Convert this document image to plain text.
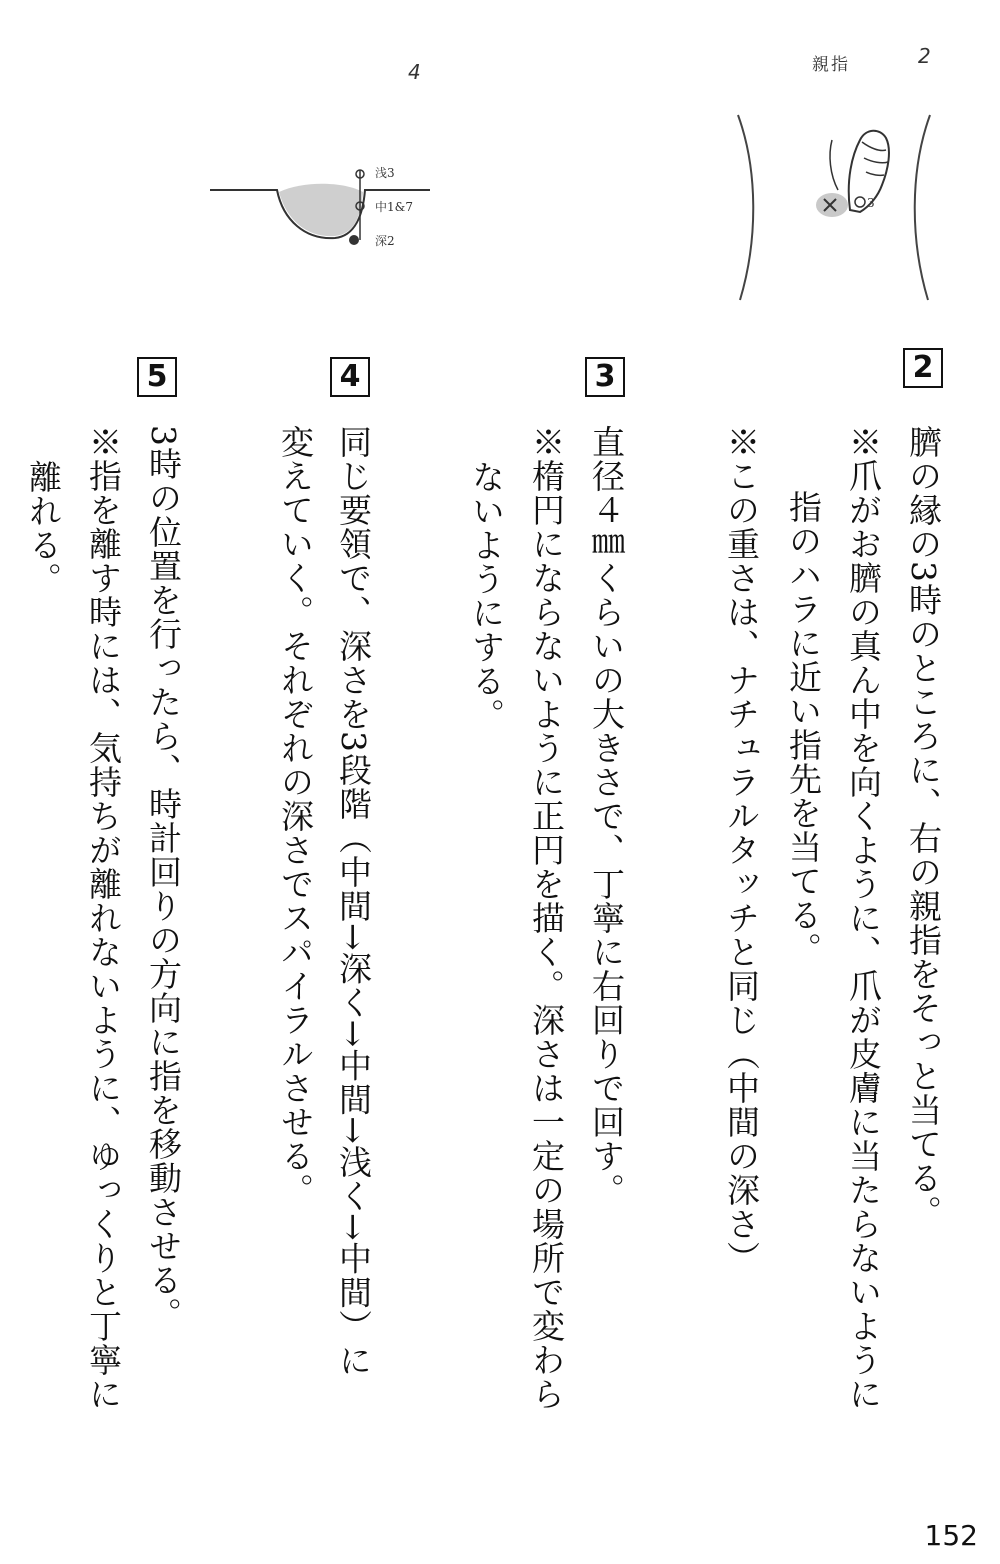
親指	2
3
4
浅3
中1&7
深2
2
3
4
5
臍の縁の3時のところに、右の親指をそっと当てる。
※爪がお臍の真ん中を向くように、爪が皮膚に当たらないように
指のハラに近い指先を当てる。
※この重さは、ナチュラルタッチと同じ（中間の深さ）
直径４㎜くらいの大きさで、丁寧に右回りで回す。
※楕円にならないように正円を描く。深さは一定の場所で変わら
ないようにする。
同じ要領で、深さを3段階（中間→深く→中間→浅く→中間）に
変えていく。それぞれの深さでスパイラルさせる。
3時の位置を行ったら、時計回りの方向に指を移動させる。
※指を離す時には、気持ちが離れないように、ゆっくりと丁寧に
離れる。
152
